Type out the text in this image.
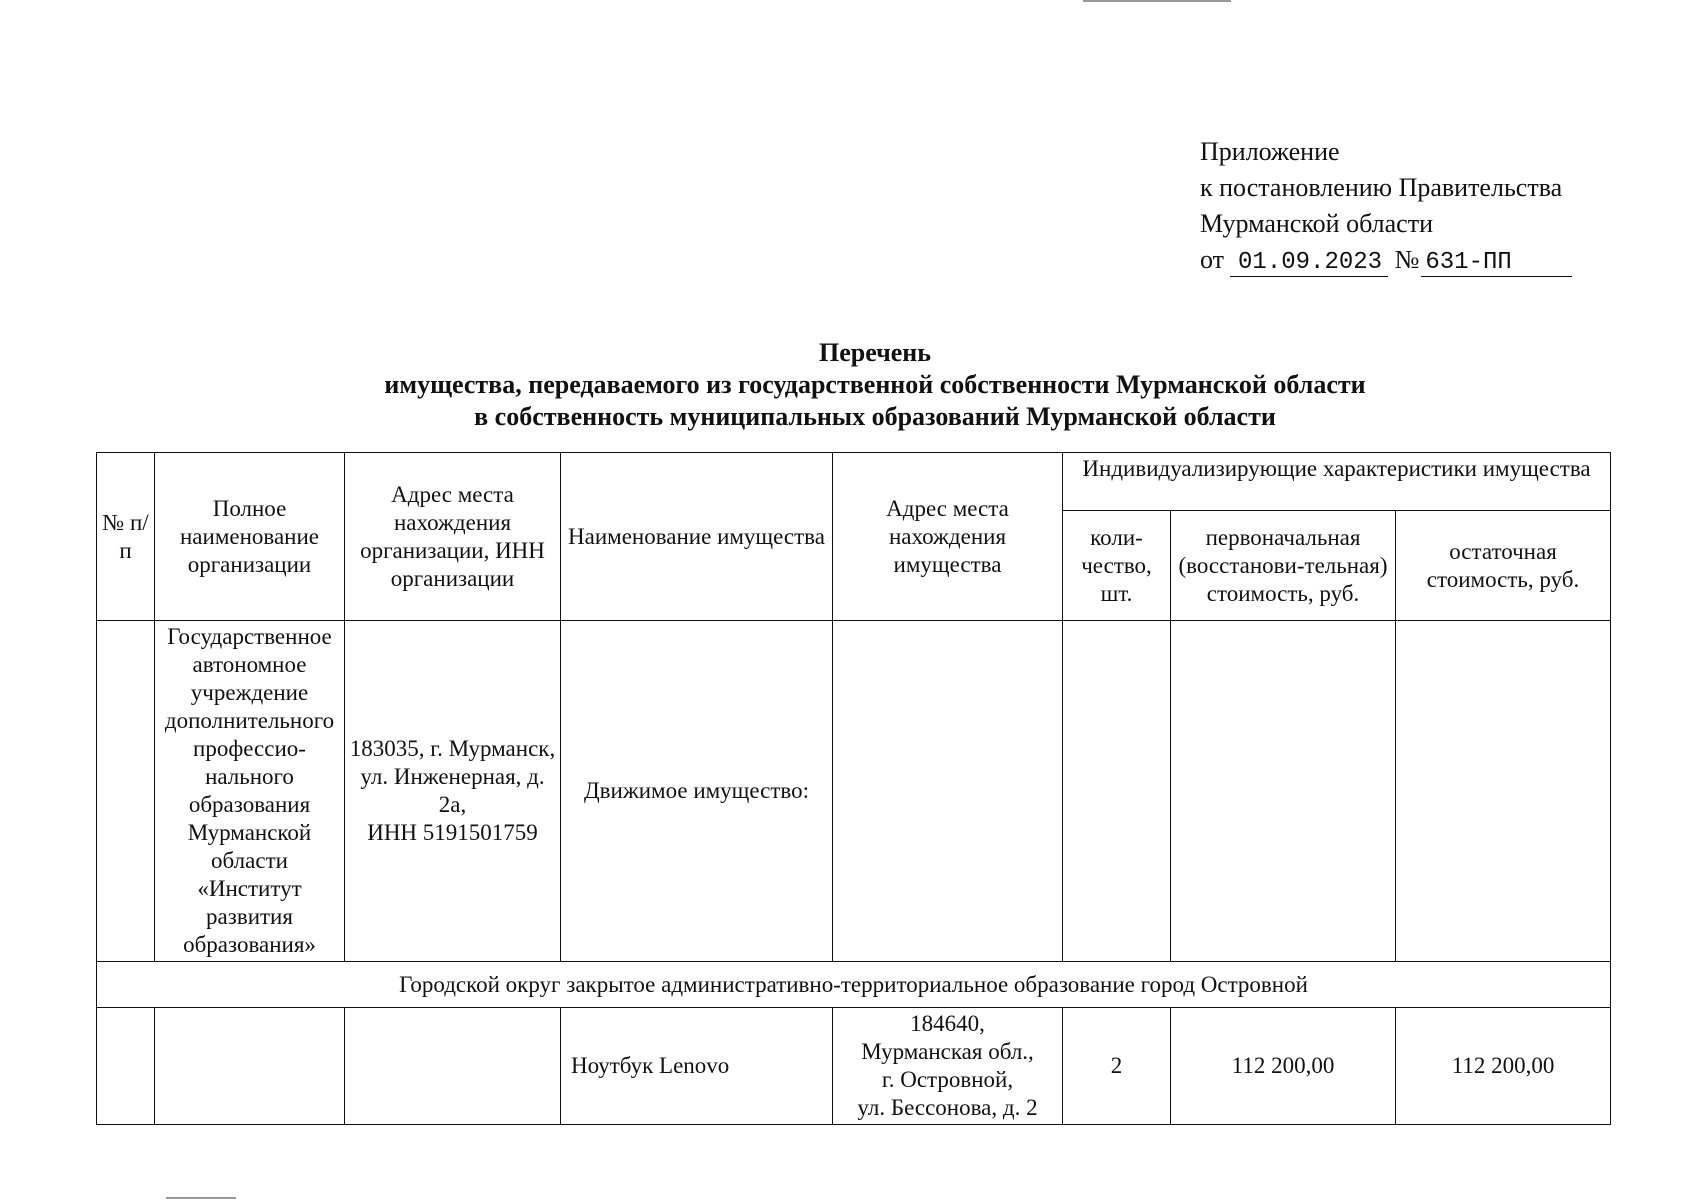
Приложение
к постановлению Правительства
Мурманской области
от 01.09.2023 № 631-ПП
Перечень
имущества, передаваемого из государственной собственности Мурманской области
в собственность муниципальных образований Мурманской области
№ п/п	Полное наименование организации	Адрес места нахождения организации, ИНН организации	Наименование имущества	Адрес места нахождения имущества	Индивидуализирующие характеристики имущества		
					коли-чество, шт.	первоначальная (восстанови-тельная) стоимость, руб.	остаточная стоимость, руб.
	Государственное автономное учреждение дополнительного профессио-нального образования Мурманской области «Институт развития образования»	183035, г. Мурманск,
ул. Инженерная, д. 2а,
ИНН 5191501759	Движимое имущество:				
Городской округ закрытое административно-территориальное образование город Островной							
			Ноутбук Lenovo	184640,
Мурманская обл.,
г. Островной,
ул. Бессонова, д. 2	2	112 200,00	112 200,00
